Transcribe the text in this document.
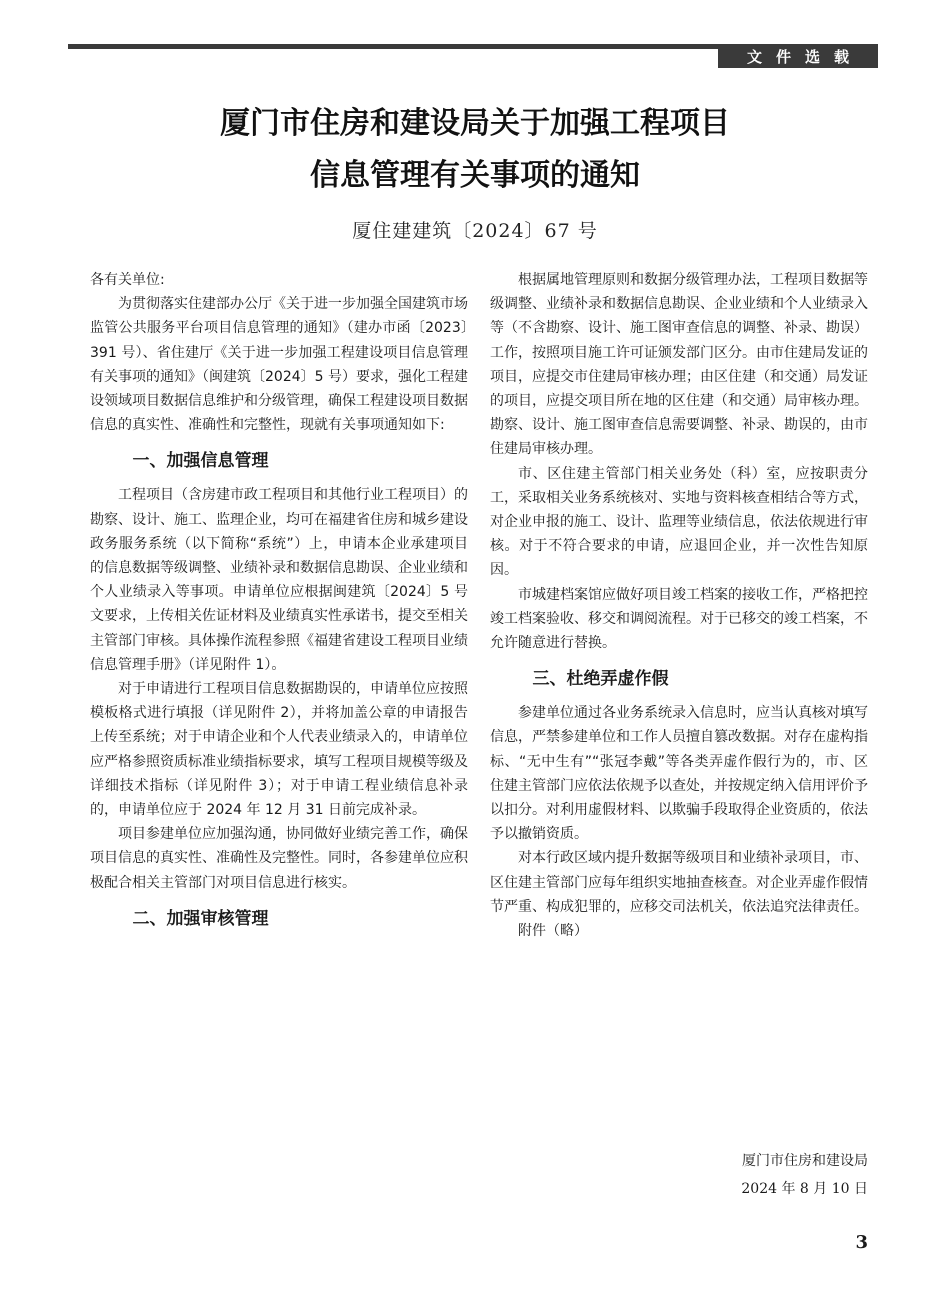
文件选载
厦门市住房和建设局关于加强工程项目
信息管理有关事项的通知
厦住建建筑〔2024〕67 号

各有关单位:

为贯彻落实住建部办公厅《关于进一步加强全国建筑市场监管公共服务平台项目信息管理的通知》（建办市函〔2023〕391 号）、省住建厅《关于进一步加强工程建设项目信息管理有关事项的通知》（闽建筑〔2024〕5 号）要求，强化工程建设领域项目数据信息维护和分级管理，确保工程建设项目数据信息的真实性、准确性和完整性，现就有关事项通知如下:

一、加强信息管理

工程项目（含房建市政工程项目和其他行业工程项目）的勘察、设计、施工、监理企业，均可在福建省住房和城乡建设政务服务系统（以下简称“系统”）上，申请本企业承建项目的信息数据等级调整、业绩补录和数据信息勘误、企业业绩和个人业绩录入等事项。申请单位应根据闽建筑〔2024〕5 号文要求，上传相关佐证材料及业绩真实性承诺书，提交至相关主管部门审核。具体操作流程参照《福建省建设工程项目业绩信息管理手册》（详见附件 1）。

对于申请进行工程项目信息数据勘误的，申请单位应按照模板格式进行填报（详见附件 2），并将加盖公章的申请报告上传至系统；对于申请企业和个人代表业绩录入的，申请单位应严格参照资质标准业绩指标要求，填写工程项目规模等级及详细技术指标（详见附件 3）；对于申请工程业绩信息补录的，申请单位应于 2024 年 12 月 31 日前完成补录。

项目参建单位应加强沟通，协同做好业绩完善工作，确保项目信息的真实性、准确性及完整性。同时，各参建单位应积极配合相关主管部门对项目信息进行核实。

二、加强审核管理

根据属地管理原则和数据分级管理办法，工程项目数据等级调整、业绩补录和数据信息勘误、企业业绩和个人业绩录入等（不含勘察、设计、施工图审查信息的调整、补录、勘误）工作，按照项目施工许可证颁发部门区分。由市住建局发证的项目，应提交市住建局审核办理；由区住建（和交通）局发证的项目，应提交项目所在地的区住建（和交通）局审核办理。勘察、设计、施工图审查信息需要调整、补录、勘误的，由市住建局审核办理。

市、区住建主管部门相关业务处（科）室，应按职责分工，采取相关业务系统核对、实地与资料核查相结合等方式，对企业申报的施工、设计、监理等业绩信息，依法依规进行审核。对于不符合要求的申请，应退回企业，并一次性告知原因。

市城建档案馆应做好项目竣工档案的接收工作，严格把控竣工档案验收、移交和调阅流程。对于已移交的竣工档案，不允许随意进行替换。

三、杜绝弄虚作假

参建单位通过各业务系统录入信息时，应当认真核对填写信息，严禁参建单位和工作人员擅自篡改数据。对存在虚构指标、“无中生有”“张冠李戴”等各类弄虚作假行为的，市、区住建主管部门应依法依规予以查处，并按规定纳入信用评价予以扣分。对利用虚假材料、以欺骗手段取得企业资质的，依法予以撤销资质。

对本行政区域内提升数据等级项目和业绩补录项目，市、区住建主管部门应每年组织实地抽查核查。对企业弄虚作假情节严重、构成犯罪的，应移交司法机关，依法追究法律责任。

附件（略）

厦门市住房和建设局
2024 年 8 月 10 日
3
